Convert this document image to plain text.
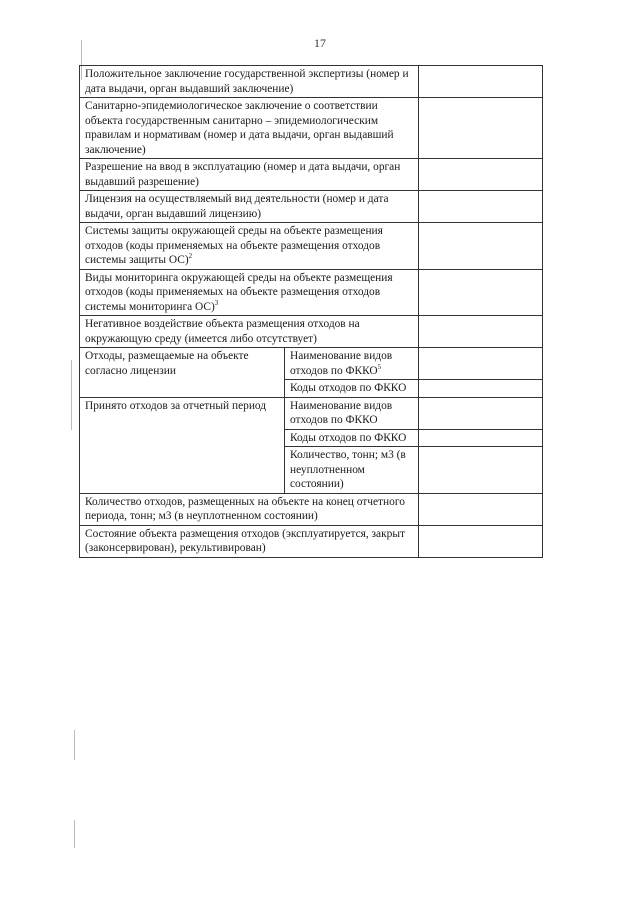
17
Положительное заключение государственной экспертизы (номер и дата выдачи, орган выдавший заключение)		
Санитарно-эпидемиологическое заключение о соответствии объекта государственным санитарно – эпидемиологическим правилам и нормативам (номер и дата выдачи, орган выдавший заключение)		
Разрешение на ввод в эксплуатацию (номер и дата выдачи, орган выдавший разрешение)		
Лицензия на осуществляемый вид деятельности (номер и дата выдачи, орган выдавший лицензию)		
Системы защиты окружающей среды на объекте размещения отходов (коды применяемых на объекте размещения отходов системы защиты ОС)$^2$	
Виды мониторинга окружающей среды на объекте размещения отходов (коды применяемых на объекте размещения отходов системы мониторинга ОС)$^3$	
Негативное воздействие объекта размещения отходов на окружающую среду (имеется либо отсутствует)		
Отходы, размещаемые на объекте согласно лицензии	Наименование видов отходов по ФККО$^5$	
	Коды отходов по ФККО	
Принято отходов за отчетный период	Наименование видов отходов по ФККО	
	Коды отходов по ФККО	
	Количество, тонн; м3 (в неуплотненном состоянии)	
Количество отходов, размещенных на объекте на конец отчетного периода, тонн; м3 (в неуплотненном состоянии)		
Состояние объекта размещения отходов (эксплуатируется, закрыт (законсервирован), рекультивирован)		
